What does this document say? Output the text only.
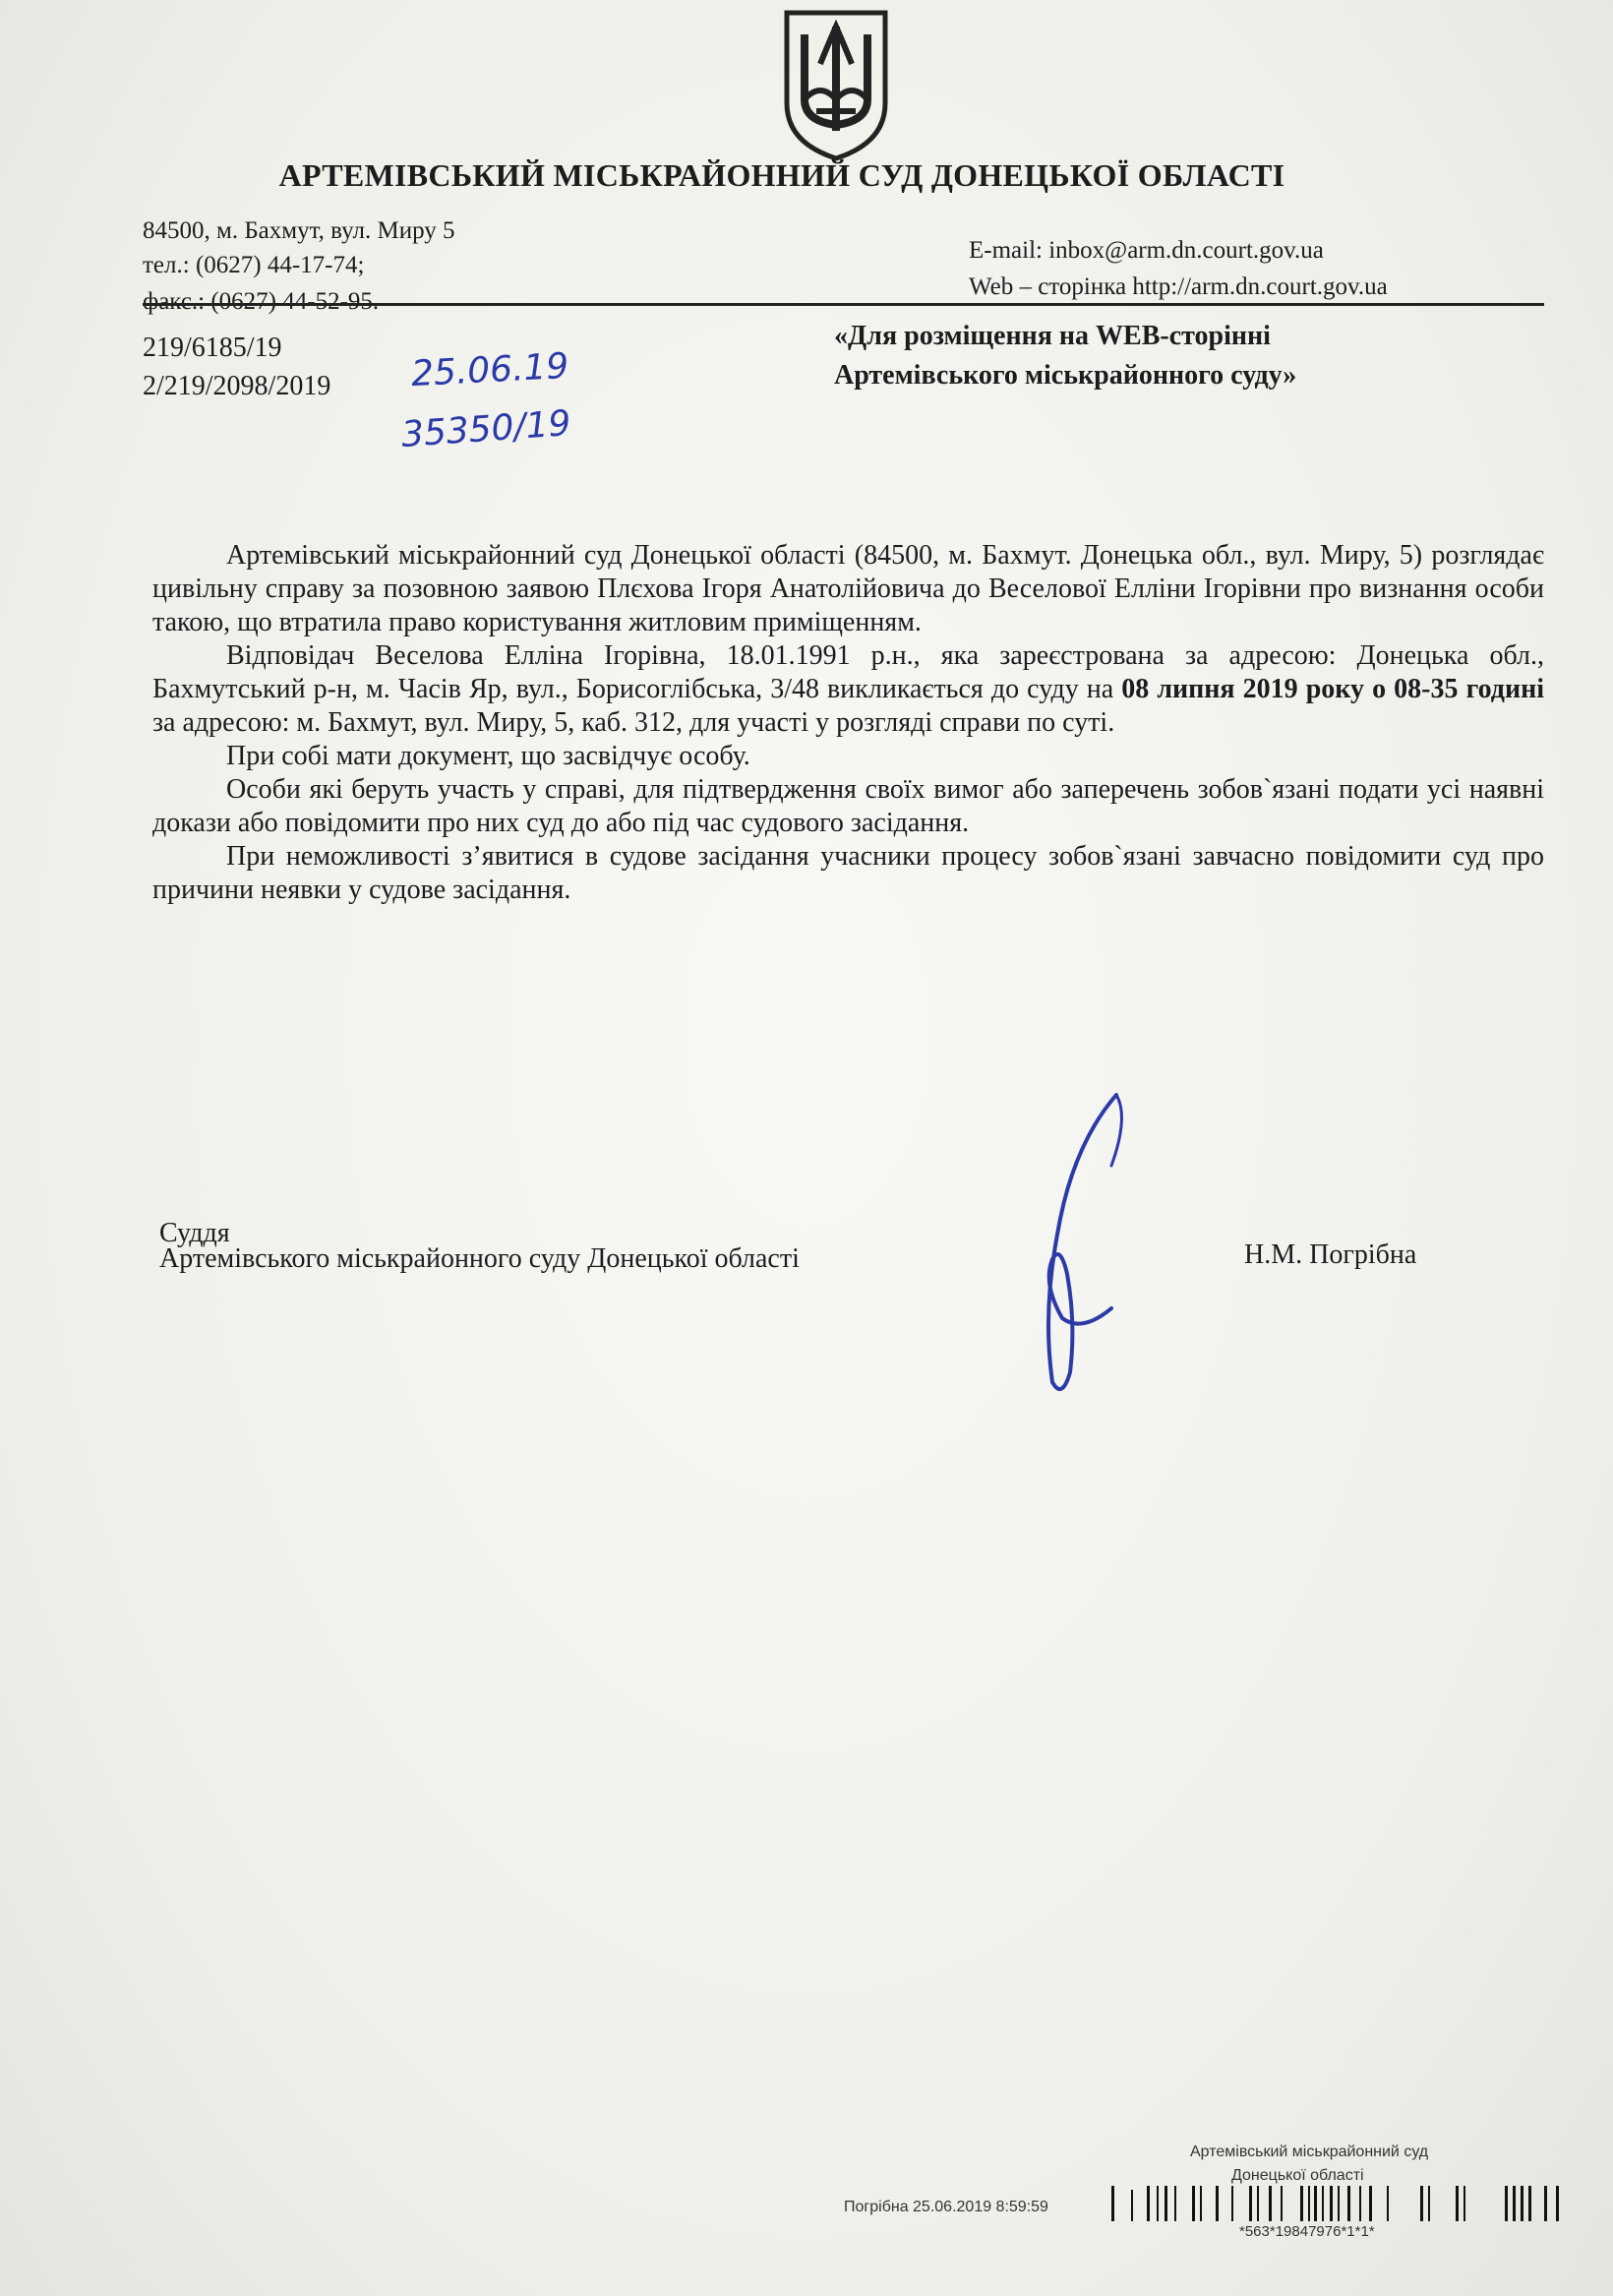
АРТЕМІВСЬКИЙ МІСЬКРАЙОННИЙ СУД ДОНЕЦЬКОЇ ОБЛАСТІ
84500, м. Бахмут, вул. Миру 5
тел.: (0627) 44-17-74;
факс.: (0627) 44-52-95.
E-mail: inbox@arm.dn.court.gov.ua
Web – сторінка http://arm.dn.court.gov.ua
219/6185/19
2/219/2098/2019 25.06.19
35350/19
«Для розміщення на WEB-сторінні
Артемівського міськрайонного суду»

Артемівський міськрайонний суд Донецької області (84500, м. Бахмут. Донецька обл., вул. Миру, 5) розглядає цивільну справу за позовною заявою Плєхова Ігоря Анатолійовича до Веселової Елліни Ігорівни про визнання особи такою, що втратила право користування житловим приміщенням.

Відповідач Веселова Елліна Ігорівна, 18.01.1991 р.н., яка зареєстрована за адресою: Донецька обл., Бахмутський р-н, м. Часів Яр, вул., Борисоглібська, 3/48 викликається до суду на 08 липня 2019 року о 08-35 годині за адресою: м. Бахмут, вул. Миру, 5, каб. 312, для участі у розгляді справи по суті.

При собі мати документ, що засвідчує особу.

Особи які беруть участь у справі, для підтвердження своїх вимог або заперечень зобов`язані подати усі наявні докази або повідомити про них суд до або під час судового засідання.

При неможливості з’явитися в судове засідання учасники процесу зобов`язані завчасно повідомити суд про причини неявки у судове засідання.

Суддя
Артемівського міськрайонного суду Донецької області	Н.М. Погрібна
Артемівський міськрайонний суд
Донецької області
Погрібна 25.06.2019 8:59:59
*563*19847976*1*1*
